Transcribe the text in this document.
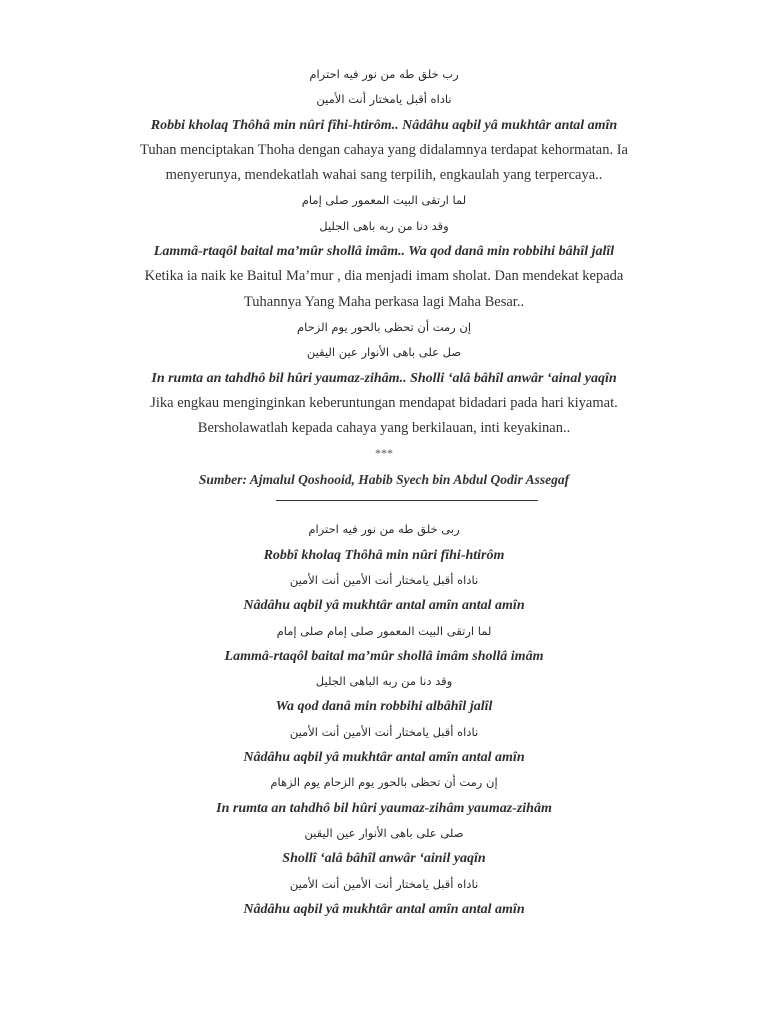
رب خلق طه من نور فيه احترام
ناداه أقبل يامختار أنت الأمين
Robbi kholaq Thôhâ min nûri fîhi-htirôm.. Nâdâhu aqbil yâ mukhtâr antal amîn
Tuhan menciptakan Thoha dengan cahaya yang didalamnya terdapat kehormatan. Ia
menyerunya, mendekatlah wahai sang terpilih, engkaulah yang terpercaya..
لما ارتقى البيت المعمور صلى إمام
وقد دنا من ربه باهى الجليل
Lammâ-rtaqôl baital ma’mûr shollâ imâm.. Wa qod danâ min robbihi bâhîl jalîl
Ketika ia naik ke Baitul Ma’mur , dia menjadi imam sholat. Dan mendekat kepada
Tuhannya Yang Maha perkasa lagi Maha Besar..
إن رمت أن تحظى بالحور يوم الزحام
صل على باهى الأنوار عين اليقين
In rumta an tahdhô bil hûri yaumaz-zihâm.. Sholli ‘alâ bâhîl anwâr ‘ainal yaqîn
Jika engkau menginginkan keberuntungan mendapat bidadari pada hari kiyamat.
Bersholawatlah kepada cahaya yang berkilauan, inti keyakinan..
***
Sumber: Ajmalul Qoshooid, Habib Syech bin Abdul Qodir Assegaf
ربى خلق طه من نور فيه احترام
Robbî kholaq Thôhâ min nûri fîhi-htirôm
ناداه أقبل يامختار أنت الأمين أنت الأمين
Nâdâhu aqbil yâ mukhtâr antal amîn antal amîn
لما ارتقى البيت المعمور صلى إمام صلى إمام
Lammâ-rtaqôl baital ma’mûr shollâ imâm shollâ imâm
وقد دنا من ربه الباهى الجليل
Wa qod danâ min robbihi albâhîl jalîl
ناداه أقبل يامختار أنت الأمين أنت الأمين
Nâdâhu aqbil yâ mukhtâr antal amîn antal amîn
إن رمت أن تحظى بالحور يوم الزحام يوم الزهام
In rumta an tahdhô bil hûri yaumaz-zihâm yaumaz-zihâm
صلى على باهى الأنوار عين اليقين
Shollî ‘alâ bâhîl anwâr ‘ainil yaqîn
ناداه أقبل يامختار أنت الأمين أنت الأمين
Nâdâhu aqbil yâ mukhtâr antal amîn antal amîn
